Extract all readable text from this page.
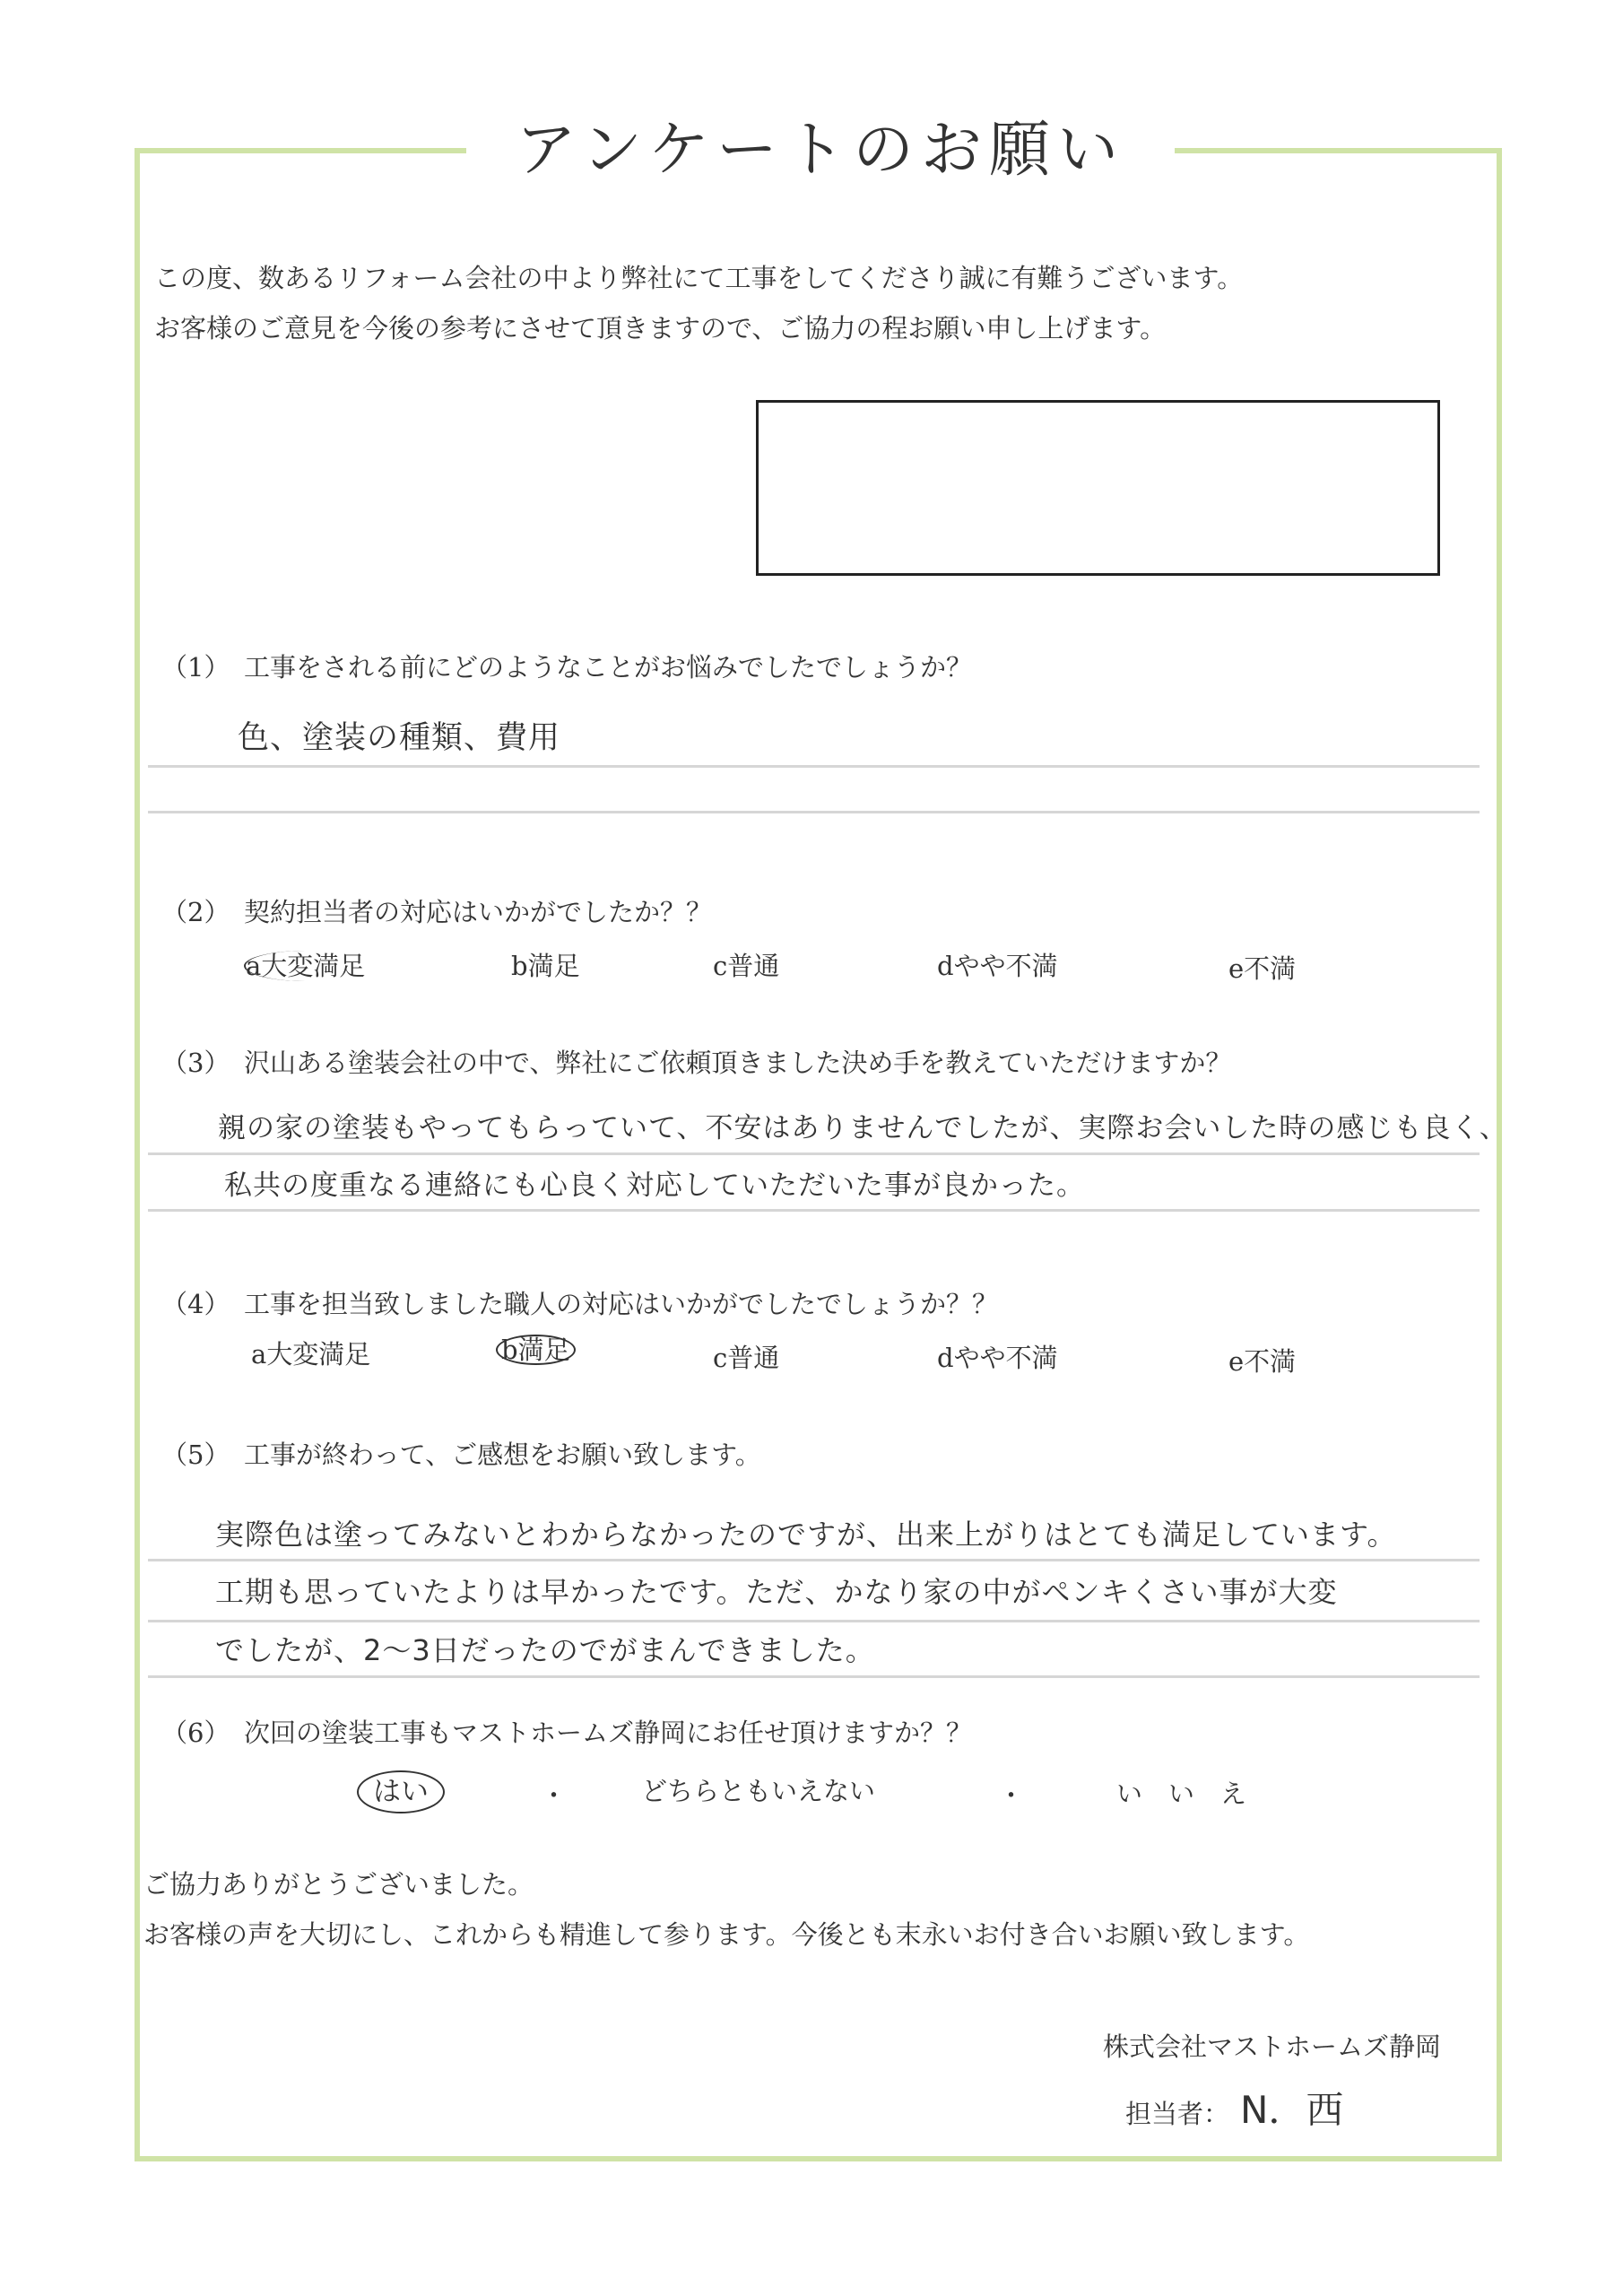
アンケートのお願い
この度、数あるリフォーム会社の中より弊社にて工事をしてくださり誠に有難うございます。
お客様のご意見を今後の参考にさせて頂きますので、ご協力の程お願い申し上げます。
（1） 工事をされる前にどのようなことがお悩みでしたでしょうか？
色、塗装の種類、費用
（2） 契約担当者の対応はいかがでしたか？？
a大変満足	b満足	c普通	dやや不満	e不満
（3） 沢山ある塗装会社の中で、弊社にご依頼頂きました決め手を教えていただけますか？
親の家の塗装もやってもらっていて、不安はありませんでしたが、実際お会いした時の感じも良く、
私共の度重なる連絡にも心良く対応していただいた事が良かった。
（4） 工事を担当致しました職人の対応はいかがでしたでしょうか？？
a大変満足	b満足	c普通	dやや不満	e不満
（5） 工事が終わって、ご感想をお願い致します。
実際色は塗ってみないとわからなかったのですが、出来上がりはとても満足しています。
工期も思っていたよりは早かったです。ただ、かなり家の中がペンキくさい事が大変
でしたが、2～3日だったのでがまんできました。
（6） 次回の塗装工事もマストホームズ静岡にお任せ頂けますか？？
はい	・	どちらともいえない	・	い　い　え
ご協力ありがとうございました。
お客様の声を大切にし、これからも精進して参ります。今後とも末永いお付き合いお願い致します。
株式会社マストホームズ静岡
担当者： N．西
